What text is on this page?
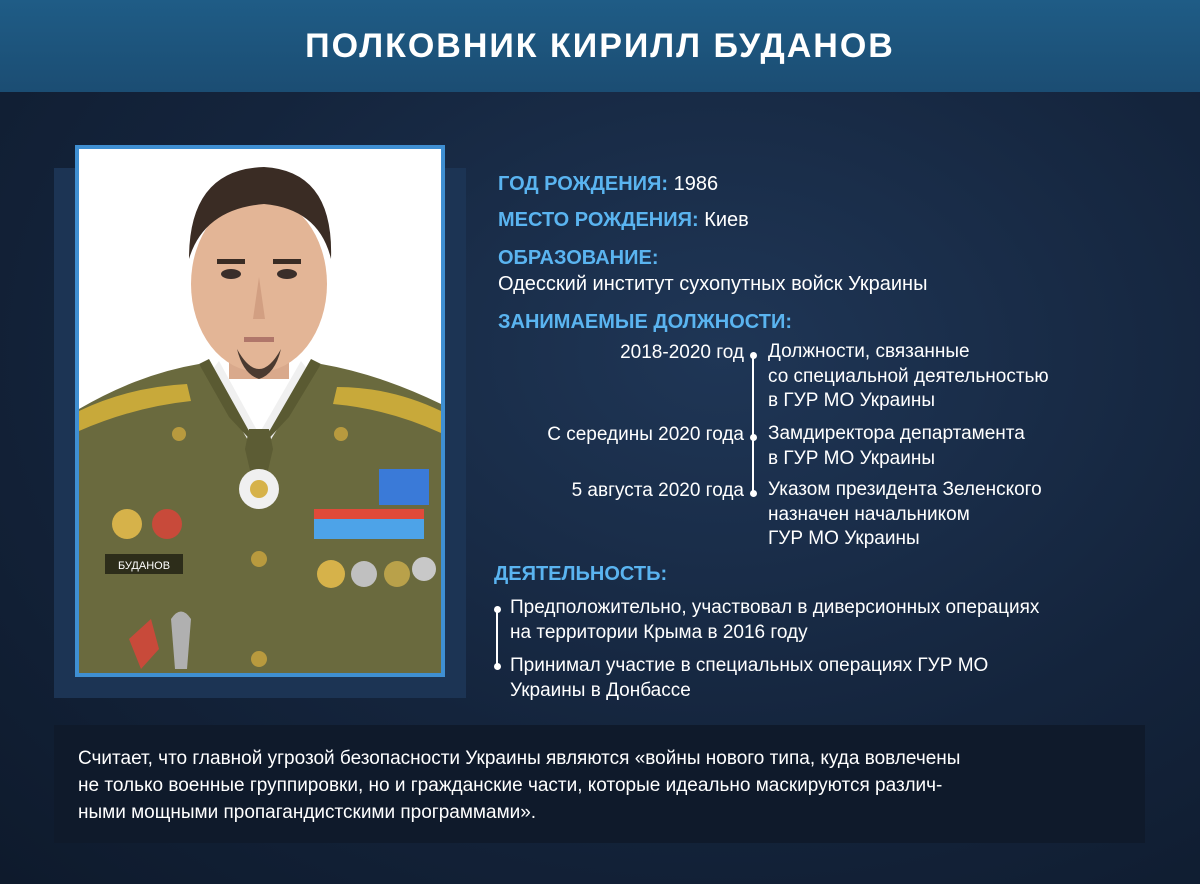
ПОЛКОВНИК КИРИЛЛ БУДАНОВ
БУДАНОВ
ГОД РОЖДЕНИЯ: 1986
МЕСТО РОЖДЕНИЯ: Киев
ОБРАЗОВАНИЕ:
Одесский институт сухопутных войск Украины
ЗАНИМАЕМЫЕ ДОЛЖНОСТИ:
2018-2020 год
С середины 2020 года
5 августа 2020 года
Должности, связанные
со специальной деятельностью
в ГУР МО Украины
Замдиректора департамента
в ГУР МО Украины
Указом президента Зеленского
назначен начальником
ГУР МО Украины
ДЕЯТЕЛЬНОСТЬ:
Предположительно, участвовал в диверсионных операциях
на территории Крыма в 2016 году
Принимал участие в специальных операциях ГУР МО
Украины в Донбассе

Считает, что главной угрозой безопасности Украины являются «войны нового типа, куда вовлечены

не только военные группировки, но и гражданские части, которые идеально маскируются различ-

ными мощными пропагандистскими программами».
